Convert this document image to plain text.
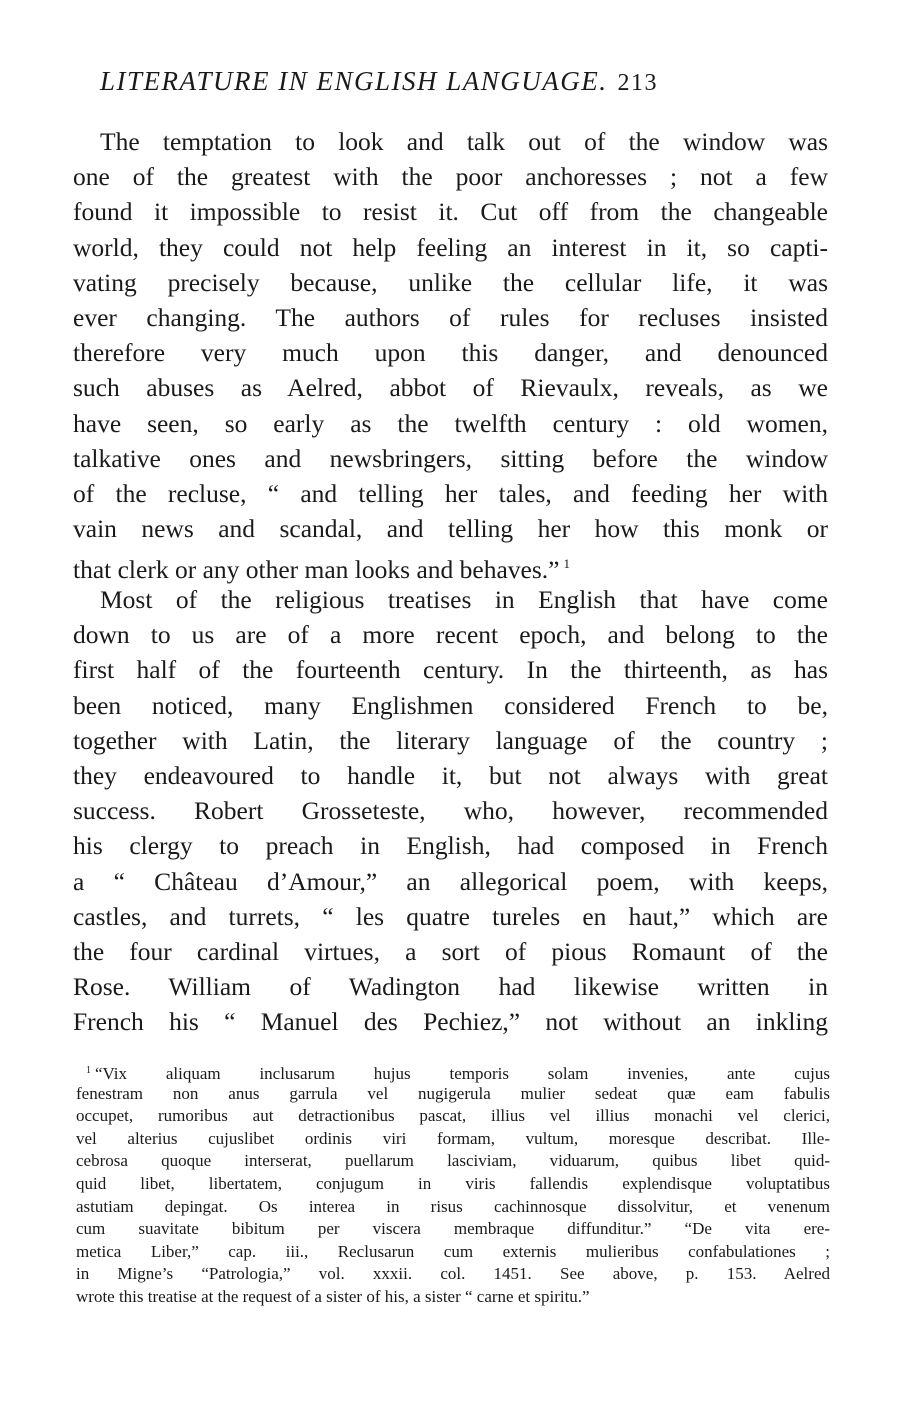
LITERATURE IN ENGLISH LANGUAGE. 213
The temptation to look and talk out of the window was
one of the greatest with the poor anchoresses ; not a few
found it impossible to resist it. Cut off from the changeable
world, they could not help feeling an interest in it, so capti-
vating precisely because, unlike the cellular life, it was
ever changing. The authors of rules for recluses insisted
therefore very much upon this danger, and denounced
such abuses as Aelred, abbot of Rievaulx, reveals, as we
have seen, so early as the twelfth century : old women,
talkative ones and newsbringers, sitting before the window
of the recluse, “ and telling her tales, and feeding her with
vain news and scandal, and telling her how this monk or
that clerk or any other man looks and behaves.” $^1$
Most of the religious treatises in English that have come
down to us are of a more recent epoch, and belong to the
first half of the fourteenth century. In the thirteenth, as has
been noticed, many Englishmen considered French to be,
together with Latin, the literary language of the country ;
they endeavoured to handle it, but not always with great
success. Robert Grosseteste, who, however, recommended
his clergy to preach in English, had composed in French
a “ Château d’Amour,” an allegorical poem, with keeps,
castles, and turrets, “ les quatre tureles en haut,” which are
the four cardinal virtues, a sort of pious Romaunt of the
Rose. William of Wadington had likewise written in
French his “ Manuel des Pechiez,” not without an inkling
$^1$ “Vix aliquam inclusarum hujus temporis solam invenies, ante cujus
fenestram non anus garrula vel nugigerula mulier sedeat quæ eam fabulis
occupet, rumoribus aut detractionibus pascat, illius vel illius monachi vel clerici,
vel alterius cujuslibet ordinis viri formam, vultum, moresque describat. Ille-
cebrosa quoque interserat, puellarum lasciviam, viduarum, quibus libet quid-
quid libet, libertatem, conjugum in viris fallendis explendisque voluptatibus
astutiam depingat. Os interea in risus cachinnosque dissolvitur, et venenum
cum suavitate bibitum per viscera membraque diffunditur.” “De vita ere-
metica Liber,” cap. iii., Reclusarun cum externis mulieribus confabulationes ;
in Migne’s “Patrologia,” vol. xxxii. col. 1451. See above, p. 153. Aelred
wrote this treatise at the request of a sister of his, a sister “ carne et spiritu.”
